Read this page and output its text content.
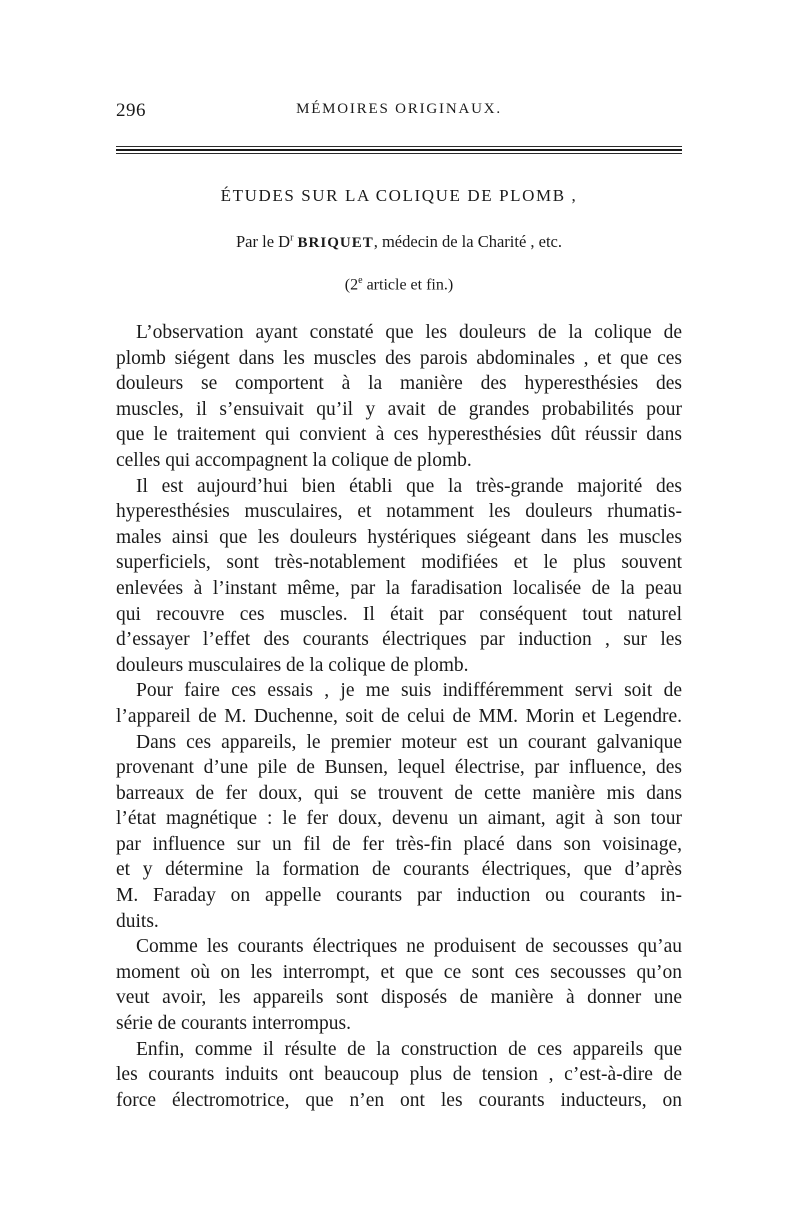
296	MÉMOIRES ORIGINAUX.
ÉTUDES SUR LA COLIQUE DE PLOMB ,
Par le $D^r$ BRIQUET, médecin de la Charité , etc.
(2e article et fin.)
L’observation ayant constaté que les douleurs de la colique de
plomb siégent dans les muscles des parois abdominales , et que ces
douleurs se comportent à la manière des hyperesthésies des
muscles, il s’ensuivait qu’il y avait de grandes probabilités pour
que le traitement qui convient à ces hyperesthésies dût réussir dans
celles qui accompagnent la colique de plomb.
Il est aujourd’hui bien établi que la très-grande majorité des
hyperesthésies musculaires, et notamment les douleurs rhumatis-
males ainsi que les douleurs hystériques siégeant dans les muscles
superficiels, sont très-notablement modifiées et le plus souvent
enlevées à l’instant même, par la faradisation localisée de la peau
qui recouvre ces muscles. Il était par conséquent tout naturel
d’essayer l’effet des courants électriques par induction , sur les
douleurs musculaires de la colique de plomb.
Pour faire ces essais , je me suis indifféremment servi soit de
l’appareil de M. Duchenne, soit de celui de MM. Morin et Legendre.
Dans ces appareils, le premier moteur est un courant galvanique
provenant d’une pile de Bunsen, lequel électrise, par influence, des
barreaux de fer doux, qui se trouvent de cette manière mis dans
l’état magnétique : le fer doux, devenu un aimant, agit à son tour
par influence sur un fil de fer très-fin placé dans son voisinage,
et y détermine la formation de courants électriques, que d’après
M. Faraday on appelle courants par induction ou courants in-
duits.
Comme les courants électriques ne produisent de secousses qu’au
moment où on les interrompt, et que ce sont ces secousses qu’on
veut avoir, les appareils sont disposés de manière à donner une
série de courants interrompus.
Enfin, comme il résulte de la construction de ces appareils que
les courants induits ont beaucoup plus de tension , c’est-à-dire de
force électromotrice, que n’en ont les courants inducteurs, on
